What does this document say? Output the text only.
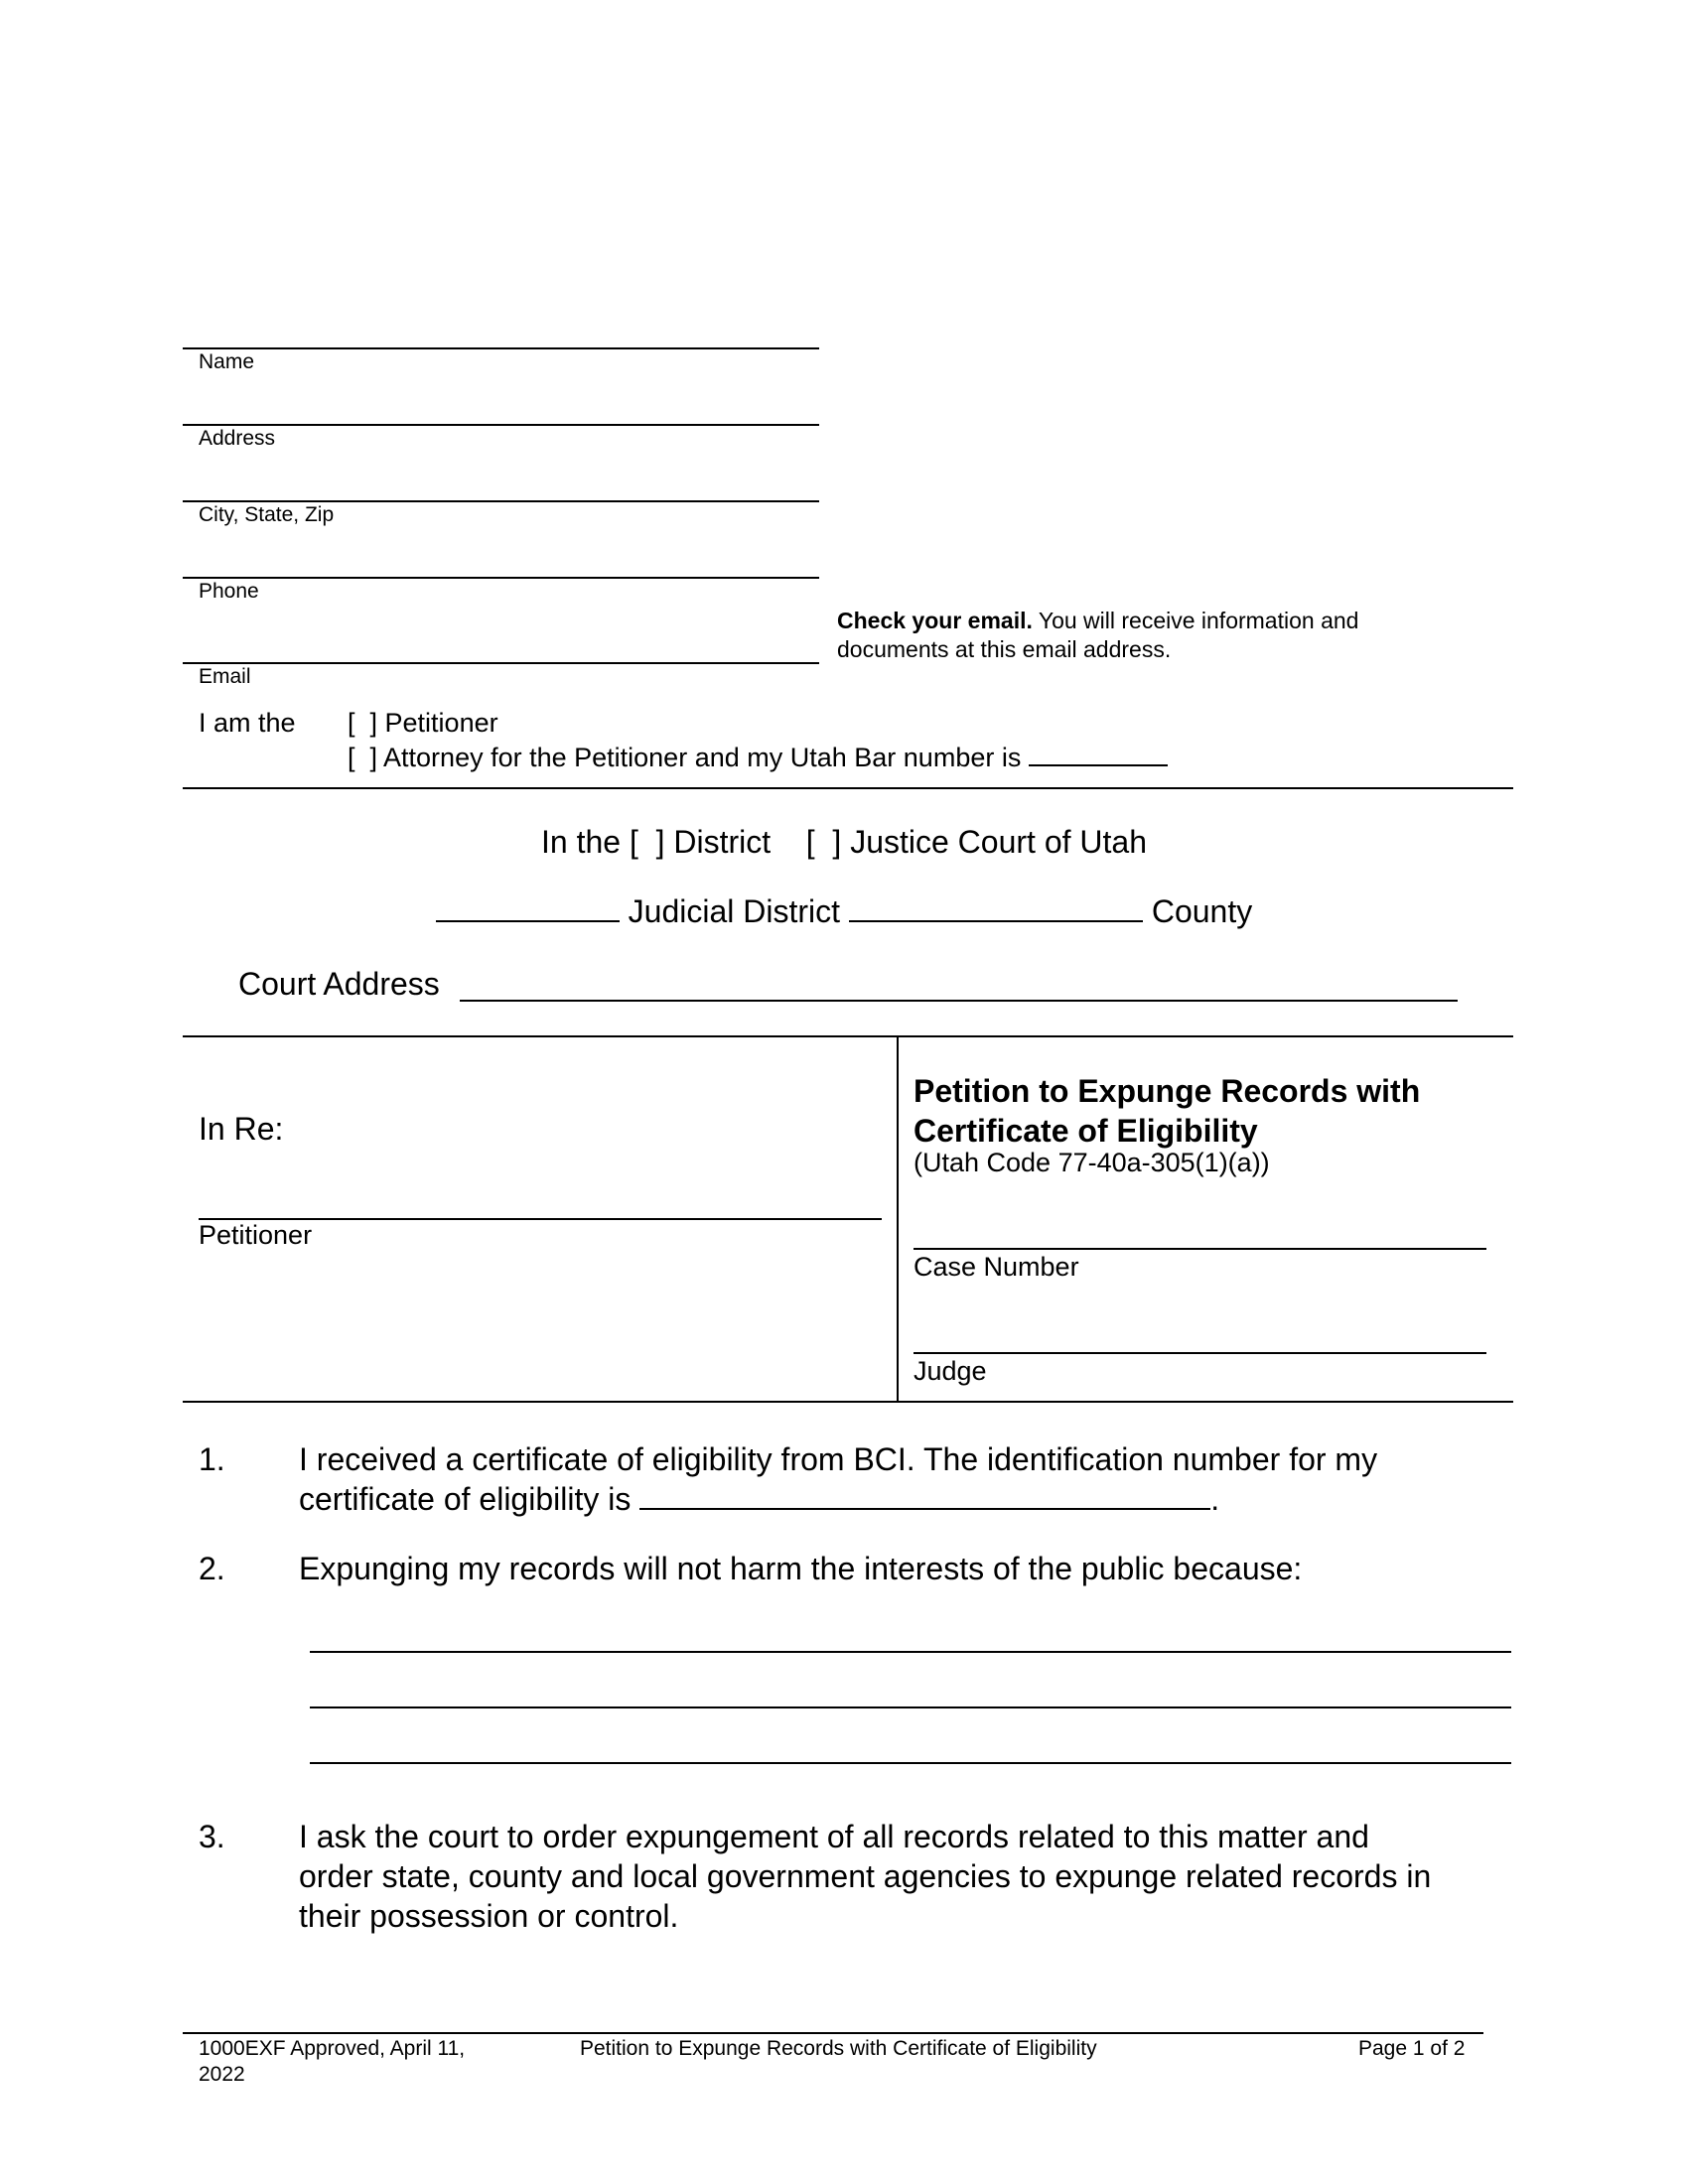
Name
Address
City, State, Zip
Phone
Check your email. You will receive information and
documents at this email address.
Email
I am the [  ] Petitioner
[  ] Attorney for the Petitioner and my Utah Bar number is
In the [  ] District [  ] Justice Court of Utah
Judicial District	County
Court Address
In Re:
Petitioner
Petition to Expunge Records with
Certificate of Eligibility
(Utah Code 77-40a-305(1)(a))
Case Number
Judge
1. I received a certificate of eligibility from BCI. The identification number for my
certificate of eligibility is	.
2. Expunging my records will not harm the interests of the public because:
3. I ask the court to order expungement of all records related to this matter and
order state, county and local government agencies to expunge related records in
their possession or control.
1000EXF Approved, April 11,
2022
Petition to Expunge Records with Certificate of Eligibility	Page 1 of 2
